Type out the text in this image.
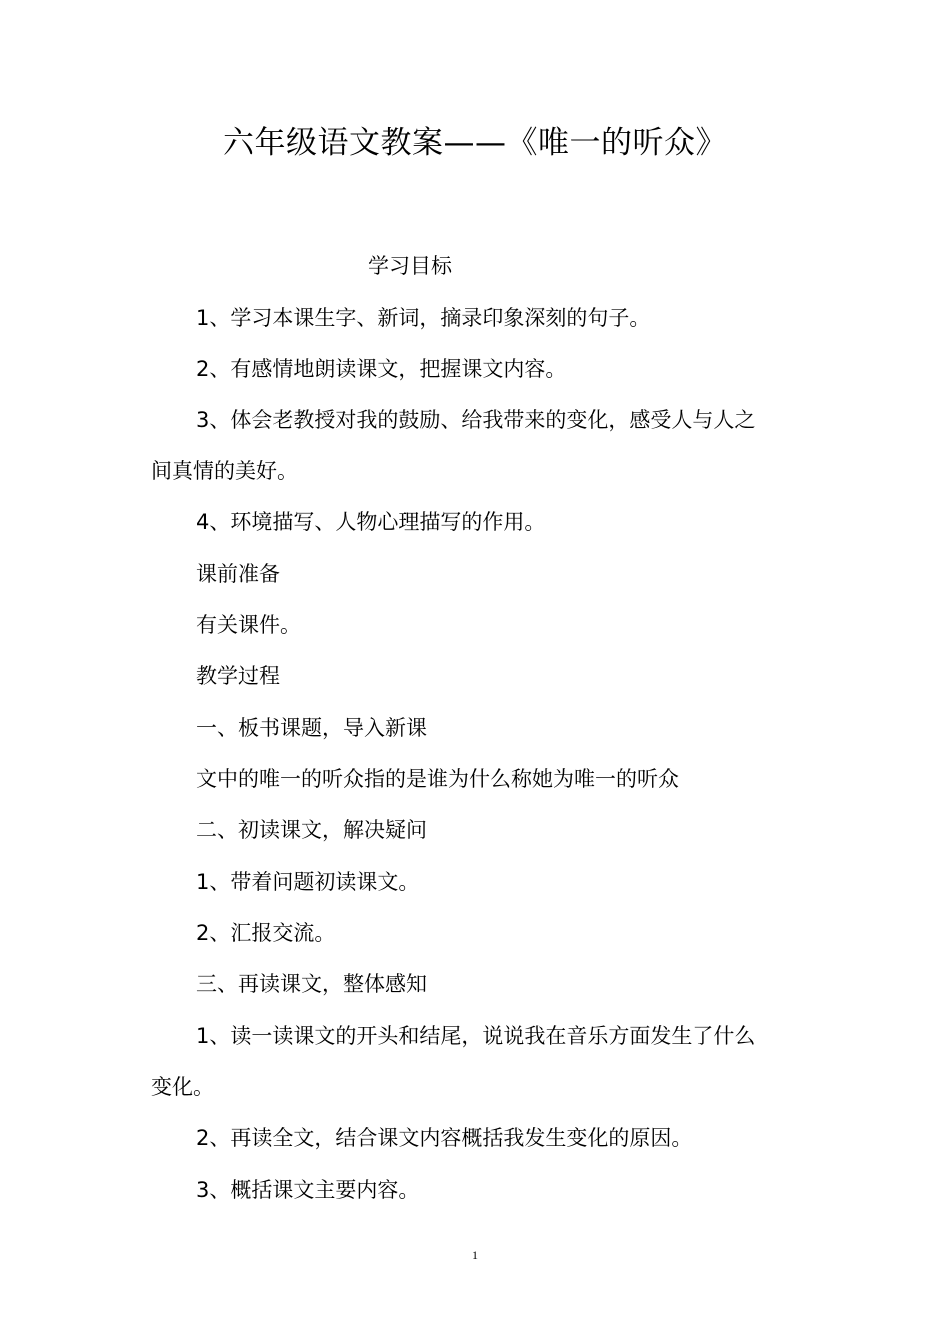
六年级语文教案——《唯一的听众》
学习目标
1、学习本课生字、新词，摘录印象深刻的句子。
2、有感情地朗读课文，把握课文内容。
3、体会老教授对我的鼓励、给我带来的变化，感受人与人之
间真情的美好。
4、环境描写、人物心理描写的作用。
课前准备
有关课件。
教学过程
一、板书课题，导入新课
文中的唯一的听众指的是谁为什么称她为唯一的听众
二、初读课文，解决疑问
1、带着问题初读课文。
2、汇报交流。
三、再读课文，整体感知
1、读一读课文的开头和结尾，说说我在音乐方面发生了什么
变化。
2、再读全文，结合课文内容概括我发生变化的原因。
3、概括课文主要内容。
1
